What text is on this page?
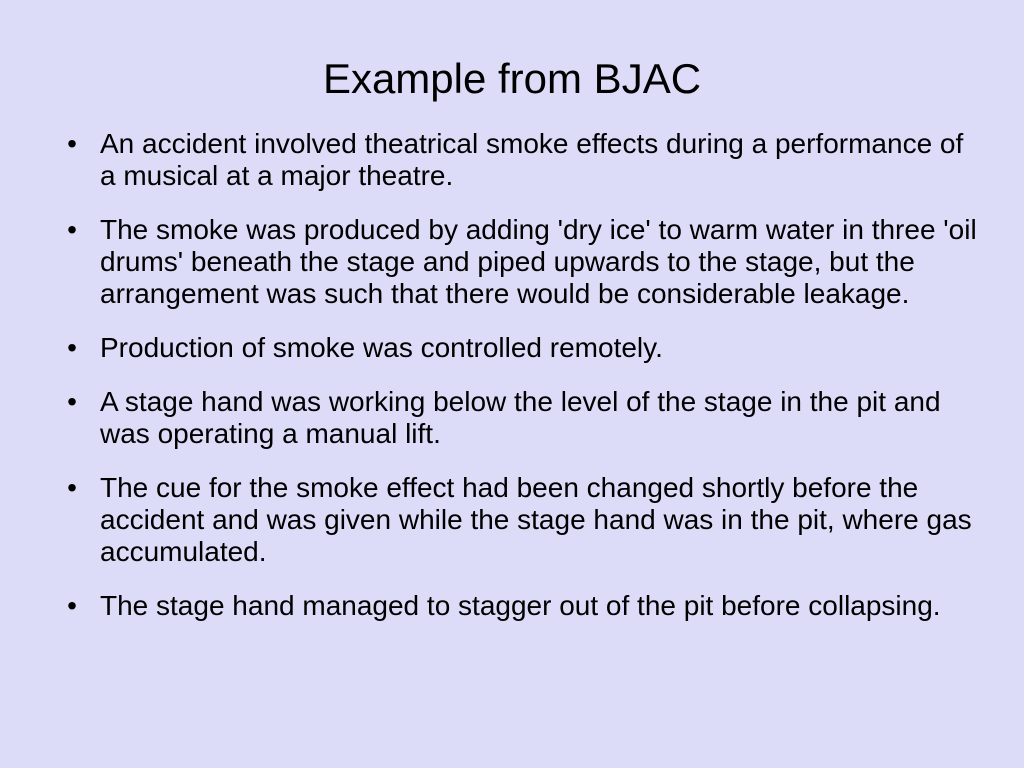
Example from BJAC
• An accident involved theatrical smoke effects during a performance of a musical at a major theatre.
• The smoke was produced by adding 'dry ice' to warm water in three 'oil drums' beneath the stage and piped upwards to the stage, but the arrangement was such that there would be considerable leakage.
• Production of smoke was controlled remotely.
• A stage hand was working below the level of the stage in the pit and was operating a manual lift.
• The cue for the smoke effect had been changed shortly before the accident and was given while the stage hand was in the pit, where gas accumulated.
• The stage hand managed to stagger out of the pit before collapsing.
